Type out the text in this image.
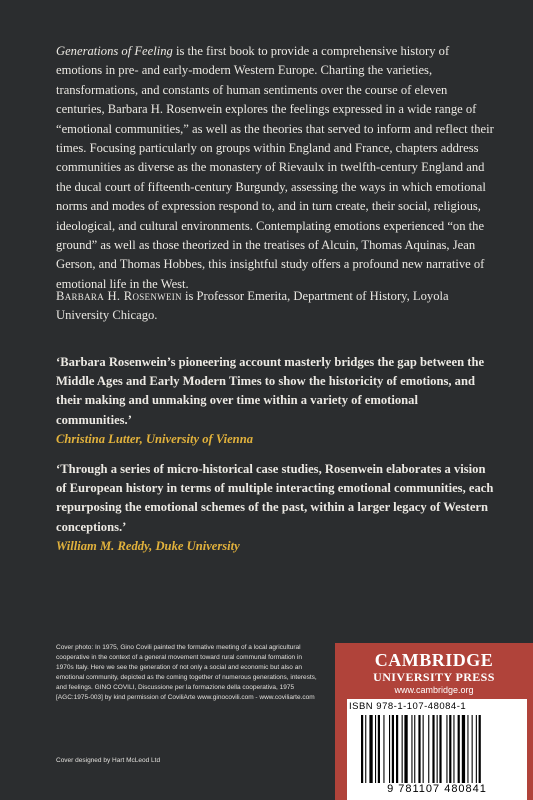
Generations of Feeling is the first book to provide a comprehensive history of emotions in pre- and early-modern Western Europe. Charting the varieties, transformations, and constants of human sentiments over the course of eleven centuries, Barbara H. Rosenwein explores the feelings expressed in a wide range of “emotional communities,” as well as the theories that served to inform and reflect their times. Focusing particularly on groups within England and France, chapters address communities as diverse as the monastery of Rievaulx in twelfth-century England and the ducal court of fifteenth-century Burgundy, assessing the ways in which emotional norms and modes of expression respond to, and in turn create, their social, religious, ideological, and cultural environments. Contemplating emotions experienced “on the ground” as well as those theorized in the treatises of Alcuin, Thomas Aquinas, Jean Gerson, and Thomas Hobbes, this insightful study offers a profound new narrative of emotional life in the West.
Barbara H. Rosenwein is Professor Emerita, Department of History, Loyola University Chicago.
‘Barbara Rosenwein’s pioneering account masterly bridges the gap between the Middle Ages and Early Modern Times to show the historicity of emotions, and their making and unmaking over time within a variety of emotional communities.’
Christina Lutter, University of Vienna
‘Through a series of micro-historical case studies, Rosenwein elaborates a vision of European history in terms of multiple interacting emotional communities, each repurposing the emotional schemes of the past, within a larger legacy of Western conceptions.’
William M. Reddy, Duke University
Cover photo: In 1975, Gino Covili painted the formative meeting of a local agricultural cooperative in the context of a general movement toward rural communal formation in 1970s Italy. Here we see the generation of not only a social and economic but also an emotional community, depicted as the coming together of numerous generations, interests, and feelings. GINO COVILI, Discussione per la formazione della cooperativa, 1975 [AGC:1975-003] by kind permission of CoviliArte www.ginocovili.com - www.coviliarte.com
Cover designed by Hart McLeod Ltd
CAMBRIDGE
UNIVERSITY PRESS
www.cambridge.org
ISBN 978-1-107-48084-1
9 781107 480841
